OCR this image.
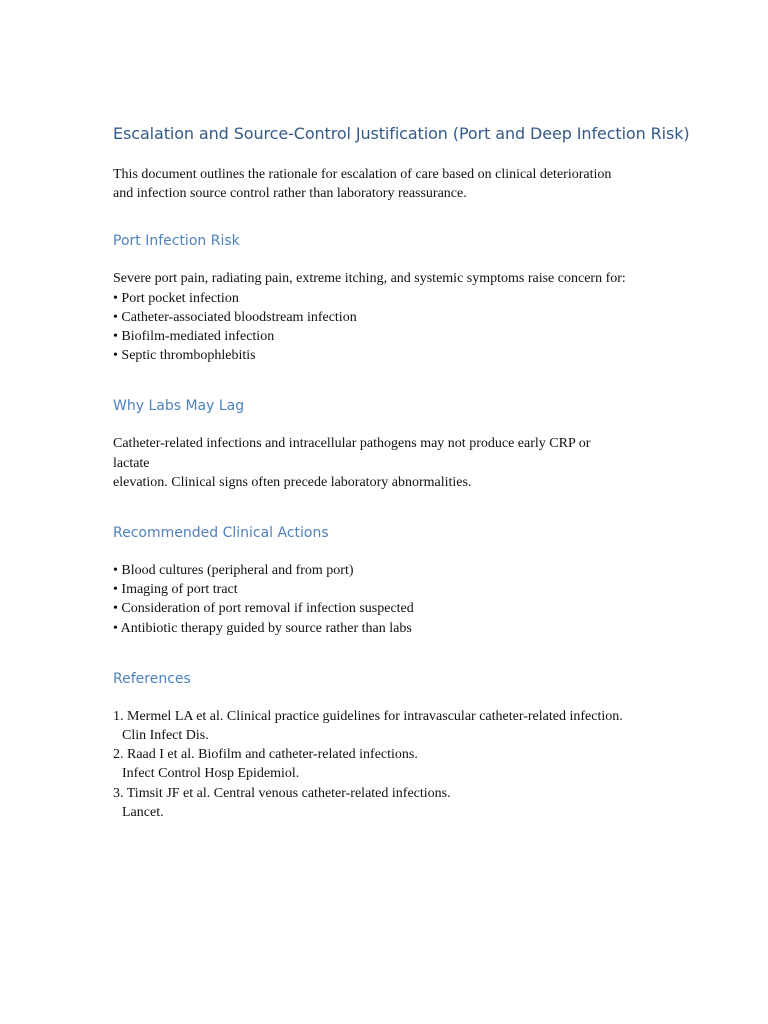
Escalation and Source-Control Justification (Port and Deep Infection Risk)

This document outlines the rationale for escalation of care based on clinical deterioration
and infection source control rather than laboratory reassurance.

Port Infection Risk

Severe port pain, radiating pain, extreme itching, and systemic symptoms raise concern for:
• Port pocket infection
• Catheter-associated bloodstream infection
• Biofilm-mediated infection
• Septic thrombophlebitis

Why Labs May Lag

Catheter-related infections and intracellular pathogens may not produce early CRP or
lactate
elevation. Clinical signs often precede laboratory abnormalities.

Recommended Clinical Actions

• Blood cultures (peripheral and from port)
• Imaging of port tract
• Consideration of port removal if infection suspected
• Antibiotic therapy guided by source rather than labs

References
1. Mermel LA et al. Clinical practice guidelines for intravascular catheter-related infection.
Clin Infect Dis.
2. Raad I et al. Biofilm and catheter-related infections.
Infect Control Hosp Epidemiol.
3. Timsit JF et al. Central venous catheter-related infections.
Lancet.
